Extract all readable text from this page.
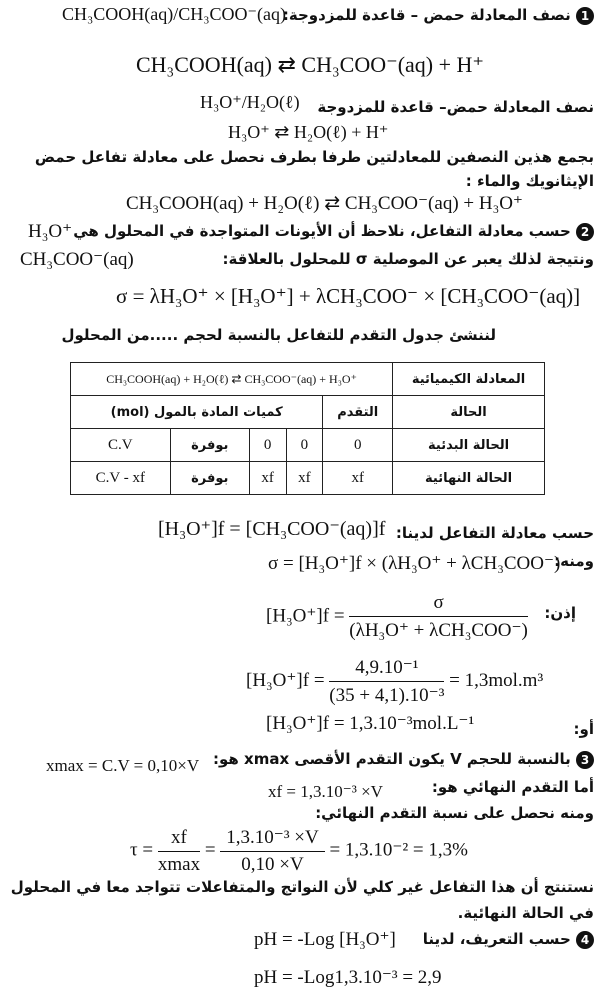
1 نصف المعادلة حمض – قاعدة للمزدوجة:
CH₃COOH(aq)/CH₃COO⁻(aq)
CH₃COOH(aq) ⇄ CH₃COO⁻(aq) + H⁺
نصف المعادلة حمض– قاعدة للمزدوجة
H₃O⁺/H₂O(ℓ)
H₃O⁺ ⇄ H₂O(ℓ) + H⁺
بجمع هذين النصفين للمعادلتين طرفا بطرف نحصل على معادلة تفاعل حمض
الإيثانويك والماء :
CH₃COOH(aq) + H₂O(ℓ) ⇄ CH₃COO⁻(aq) + H₃O⁺
2 حسب معادلة التفاعل، نلاحظ أن الأيونات المتواجدة في المحلول هي
H₃O⁺
ونتيجة لذلك يعبر عن الموصلية σ للمحلول بالعلاقة:
CH₃COO⁻(aq)
σ = λH₃O⁺ × [H₃O⁺] + λCH₃COO⁻ × [CH₃COO⁻(aq)]
لننشئ جدول التقدم للتفاعل بالنسبة لحجم .....من المحلول
CH₃COOH(aq) + H₂O(ℓ) ⇄ CH₃COO⁻(aq) + H₃O⁺					المعادلة الكيميائية
كميات المادة بالمول (mol)				التقدم	الحالة
C.V	بوفرة	0	0	0	الحالة البدئية
C.V - xf	بوفرة	xf	xf	xf	الحالة النهائية
حسب معادلة التفاعل لدينا:
[H₃O⁺]f = [CH₃COO⁻(aq)]f
ومنه:
σ = [H₃O⁺]f × (λH₃O⁺ + λCH₃COO⁻)
إذن:
$[H_3O^+]f = \frac{\sigma}{\text{(λH₃O⁺ + λCH₃COO⁻)}}$
$[H_3O^+]f = \frac{\text{4,9.10⁻¹}}{\text{(35 + 4,1).10⁻³}} = 1,3mol.m^3$
أو:
[H₃O⁺]f = 1,3.10⁻³mol.L⁻¹
3 بالنسبة للحجم V يكون التقدم الأقصى xmax هو:
xmax = C.V = 0,10×V
أما التقدم النهائي هو:
xf = 1,3.10⁻³ ×V
ومنه نحصل على نسبة التقدم النهائي:
$\tau = \frac{xf}{xmax} = \frac{\text{1,3.10⁻³ ×V}}{0,10 \times V} = 1,3.10^{-2} = 1,3\%$
نستنتج أن هذا التفاعل غير كلي لأن النواتج والمتفاعلات تتواجد معا في المحلول
في الحالة النهائية.
4 حسب التعريف، لدينا
pH = -Log [H₃O⁺]
pH = -Log1,3.10⁻³ = 2,9
